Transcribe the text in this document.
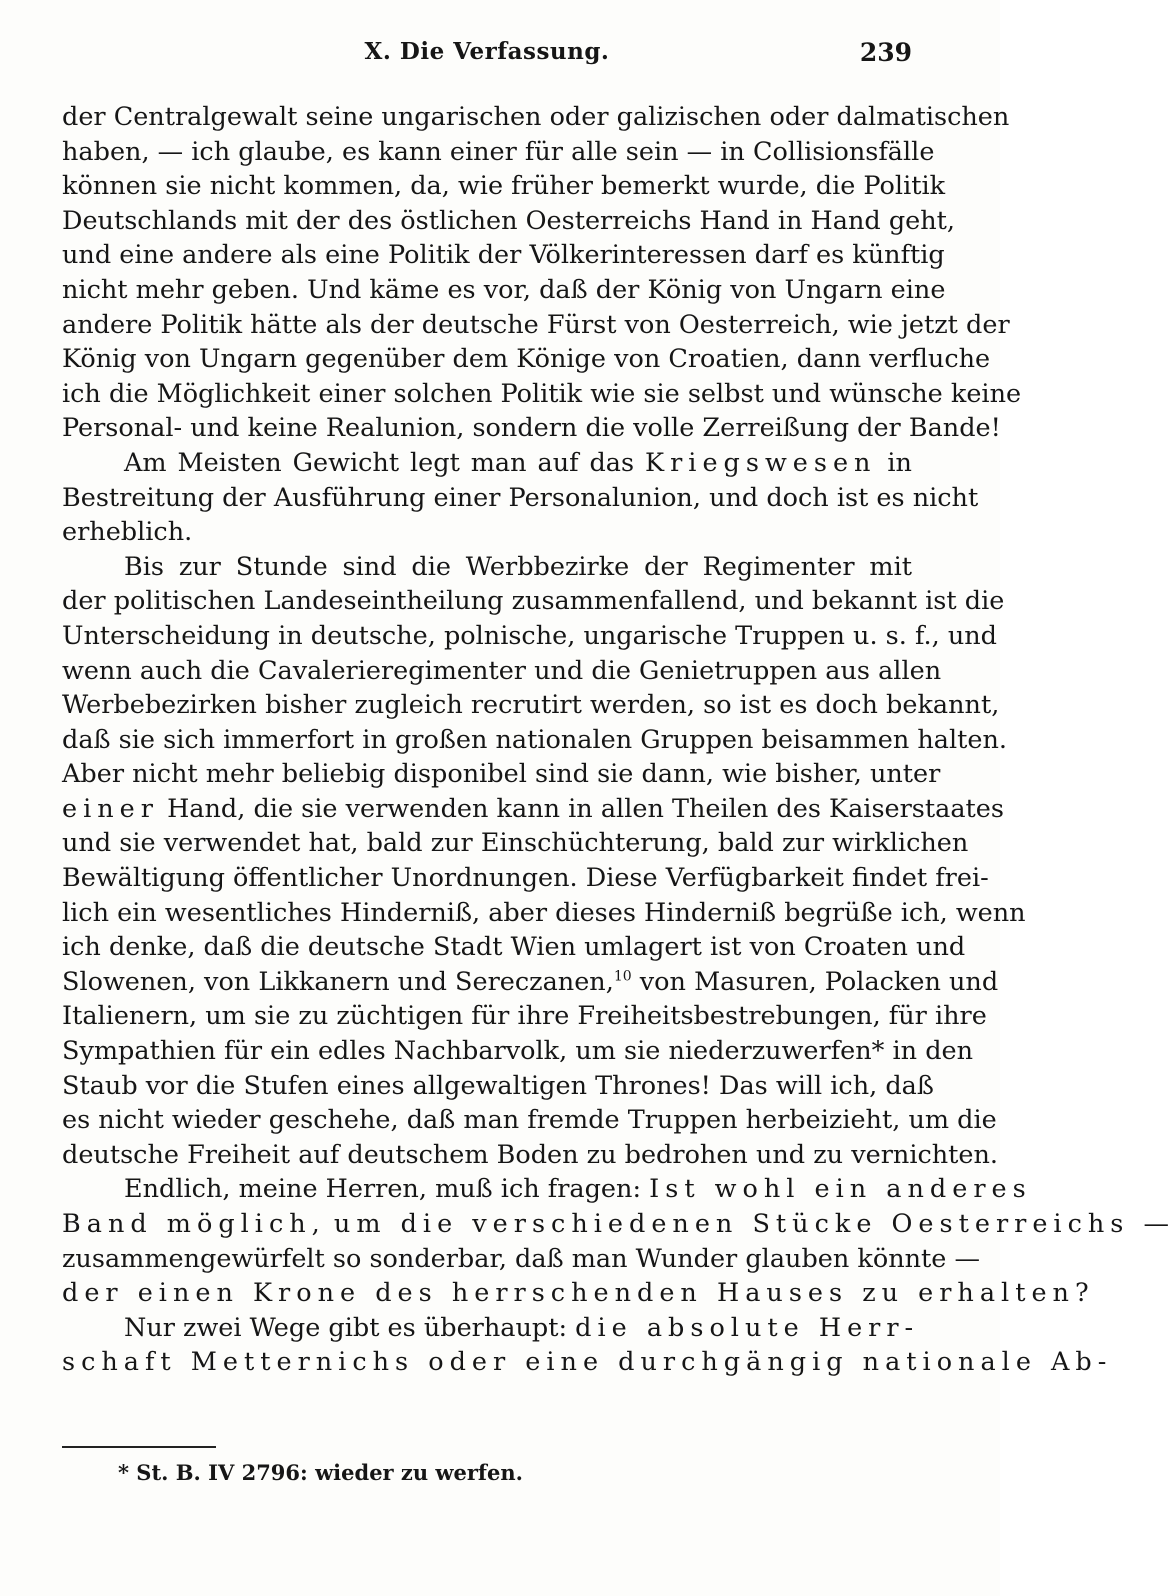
X. Die Verfassung.	239
der Centralgewalt seine ungarischen oder galizischen oder dalmatischen
haben, — ich glaube, es kann einer für alle sein — in Collisionsfälle
können sie nicht kommen, da, wie früher bemerkt wurde, die Politik
Deutschlands mit der des östlichen Oesterreichs Hand in Hand geht,
und eine andere als eine Politik der Völkerinteressen darf es künftig
nicht mehr geben. Und käme es vor, daß der König von Ungarn eine
andere Politik hätte als der deutsche Fürst von Oesterreich, wie jetzt der
König von Ungarn gegenüber dem Könige von Croatien, dann verfluche
ich die Möglichkeit einer solchen Politik wie sie selbst und wünsche keine
Personal- und keine Realunion, sondern die volle Zerreißung der Bande!
Am Meisten Gewicht legt man auf das Kriegswesen in
Bestreitung der Ausführung einer Personalunion, und doch ist es nicht
erheblich.
Bis zur Stunde sind die Werbbezirke der Regimenter mit
der politischen Landeseintheilung zusammenfallend, und bekannt ist die
Unterscheidung in deutsche, polnische, ungarische Truppen u. s. f., und
wenn auch die Cavalerieregimenter und die Genietruppen aus allen
Werbebezirken bisher zugleich recrutirt werden, so ist es doch bekannt,
daß sie sich immerfort in großen nationalen Gruppen beisammen halten.
Aber nicht mehr beliebig disponibel sind sie dann, wie bisher, unter
einer Hand, die sie verwenden kann in allen Theilen des Kaiserstaates
und sie verwendet hat, bald zur Einschüchterung, bald zur wirklichen
Bewältigung öffentlicher Unordnungen. Diese Verfügbarkeit findet frei-
lich ein wesentliches Hinderniß, aber dieses Hinderniß begrüße ich, wenn
ich denke, daß die deutsche Stadt Wien umlagert ist von Croaten und
Slowenen, von Likkanern und Sereczanen,$^{10}$ von Masuren, Polacken und
Italienern, um sie zu züchtigen für ihre Freiheitsbestrebungen, für ihre
Sympathien für ein edles Nachbarvolk, um sie niederzuwerfen* in den
Staub vor die Stufen eines allgewaltigen Thrones! Das will ich, daß
es nicht wieder geschehe, daß man fremde Truppen herbeizieht, um die
deutsche Freiheit auf deutschem Boden zu bedrohen und zu vernichten.
Endlich, meine Herren, muß ich fragen: Ist wohl ein anderes
Band möglich, um die verschiedenen Stücke Oesterreichs —
zusammengewürfelt so sonderbar, daß man Wunder glauben könnte —
der einen Krone des herrschenden Hauses zu erhalten?
Nur zwei Wege gibt es überhaupt: die absolute Herr-
schaft Metternichs oder eine durchgängig nationale Ab-
* St. B. IV 2796: wieder zu werfen.
